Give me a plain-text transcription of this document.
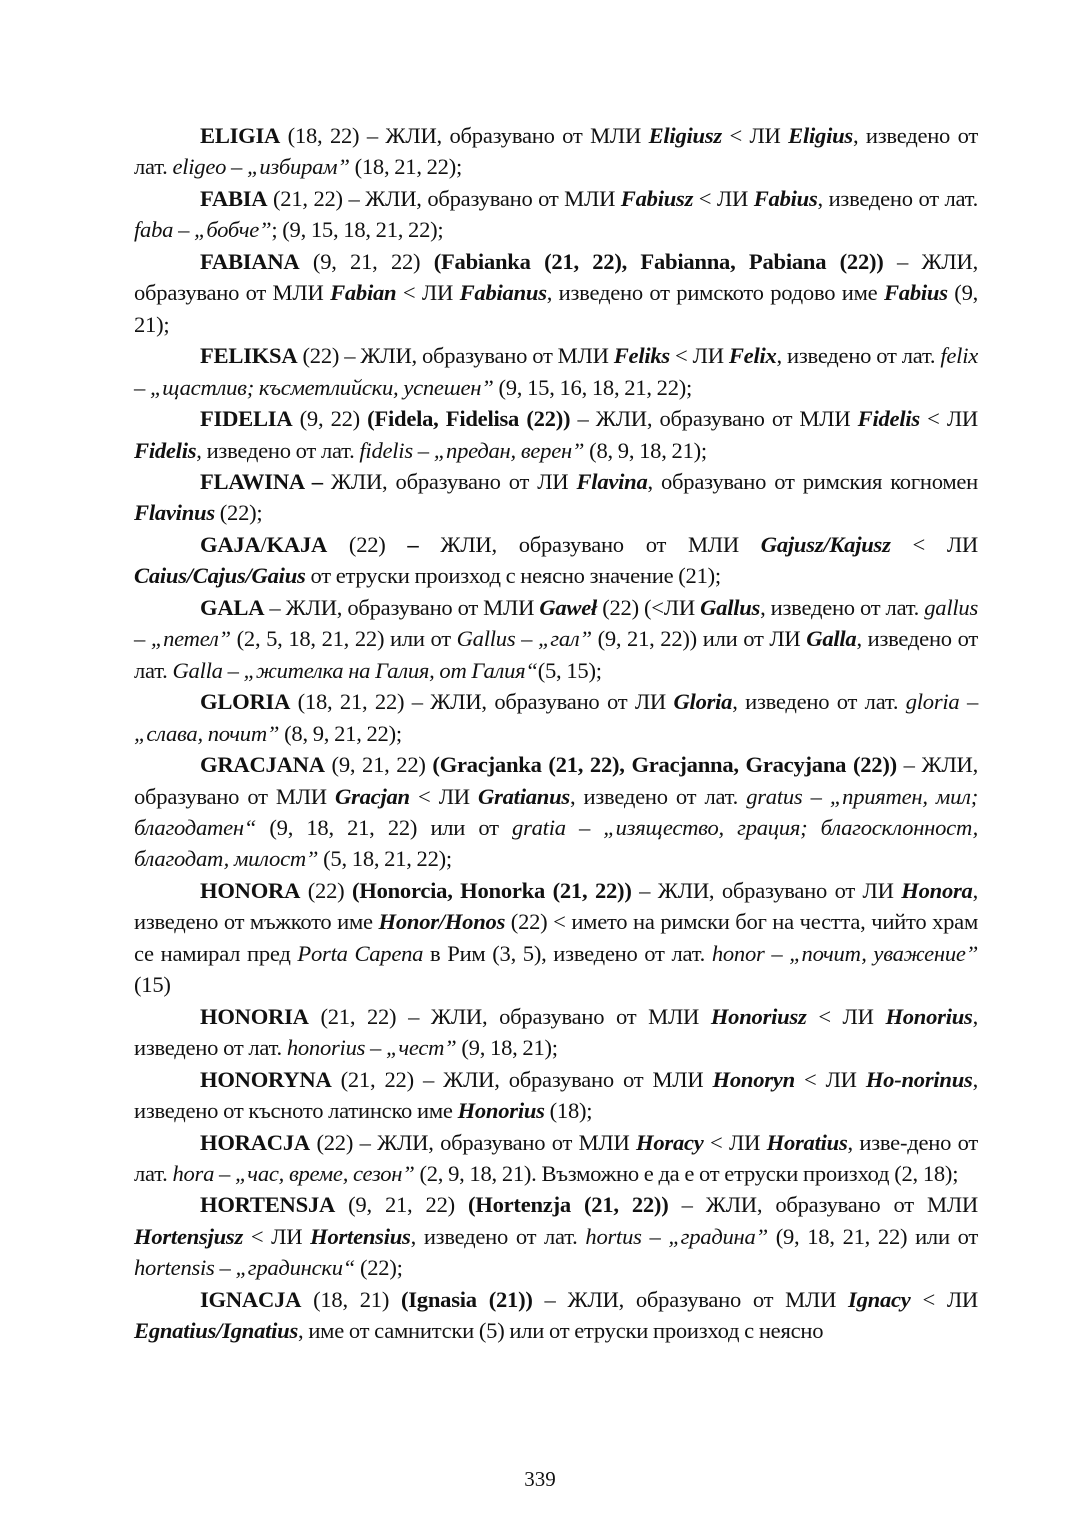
ELIGIA (18, 22) – ЖЛИ, образувано от МЛИ Eligiusz < ЛИ Eligius, изведено от лат. eligeo – „избирам” (18, 21, 22);

FABIA (21, 22) – ЖЛИ, образувано от МЛИ Fabiusz < ЛИ Fabius, изведено от лат. faba – „бобче”; (9, 15, 18, 21, 22);

FABIANA (9, 21, 22) (Fabianka (21, 22), Fabianna, Pabiana (22)) – ЖЛИ, образувано от МЛИ Fabian < ЛИ Fabianus, изведено от римското родово име Fabius (9, 21);

FELIKSA (22) – ЖЛИ, образувано от МЛИ Feliks < ЛИ Felix, изведено от лат. felix – „щастлив; късметлийски, успешен” (9, 15, 16, 18, 21, 22);

FIDELIA (9, 22) (Fidela, Fidelisa (22)) – ЖЛИ, образувано от МЛИ Fidelis < ЛИ Fidelis, изведено от лат. fidelis – „предан, верен” (8, 9, 18, 21);

FLAWINA – ЖЛИ, образувано от ЛИ Flavina, образувано от римския когномен Flavinus (22);

GAJA/KAJA (22) – ЖЛИ, образувано от МЛИ Gajusz/Kajusz < ЛИ Caius/Cajus/Gaius от етруски произход с неясно значение (21);

GALA – ЖЛИ, образувано от МЛИ Gaweł (22) (<ЛИ Gallus, изведено от лат. gallus – „петел” (2, 5, 18, 21, 22) или от Gallus – „гал” (9, 21, 22)) или от ЛИ Galla, изведено от лат. Galla – „жителка на Галия, от Галия“(5, 15);

GLORIA (18, 21, 22) – ЖЛИ, образувано от ЛИ Gloria, изведено от лат. gloria – „слава, почит” (8, 9, 21, 22);

GRACJANA (9, 21, 22) (Gracjanka (21, 22), Gracjanna, Gracyjana (22)) – ЖЛИ, образувано от МЛИ Gracjan < ЛИ Gratianus, изведено от лат. gratus – „приятен, мил; благодатен“ (9, 18, 21, 22) или от gratia – „изящество, грация; благосклонност, благодат, милост” (5, 18, 21, 22);

HONORA (22) (Honorcia, Honorka (21, 22)) – ЖЛИ, образувано от ЛИ Honora, изведено от мъжкото име Honor/Honos (22) < името на римски бог на честта, чийто храм се намирал пред Porta Capena в Рим (3, 5), изведено от лат. honor – „почит, уважение” (15)

HONORIA (21, 22) – ЖЛИ, образувано от МЛИ Honoriusz < ЛИ Honorius, изведено от лат. honorius – „чест” (9, 18, 21);

HONORYNA (21, 22) – ЖЛИ, образувано от МЛИ Honoryn < ЛИ Ho-norinus, изведено от късното латинско име Honorius (18);

HORACJA (22) – ЖЛИ, образувано от МЛИ Horacy < ЛИ Horatius, изве-дено от лат. hora – „час, време, сезон” (2, 9, 18, 21). Възможно е да е от етруски произход (2, 18);

HORTENSJA (9, 21, 22) (Hortenzja (21, 22)) – ЖЛИ, образувано от МЛИ Hortensjusz < ЛИ Hortensius, изведено от лат. hortus – „градина” (9, 18, 21, 22) или от hortensis – „градински“ (22);

IGNACJA (18, 21) (Ignasia (21)) – ЖЛИ, образувано от МЛИ Ignacy < ЛИ Egnatius/Ignatius, име от самнитски (5) или от етруски произход с неясно

339
